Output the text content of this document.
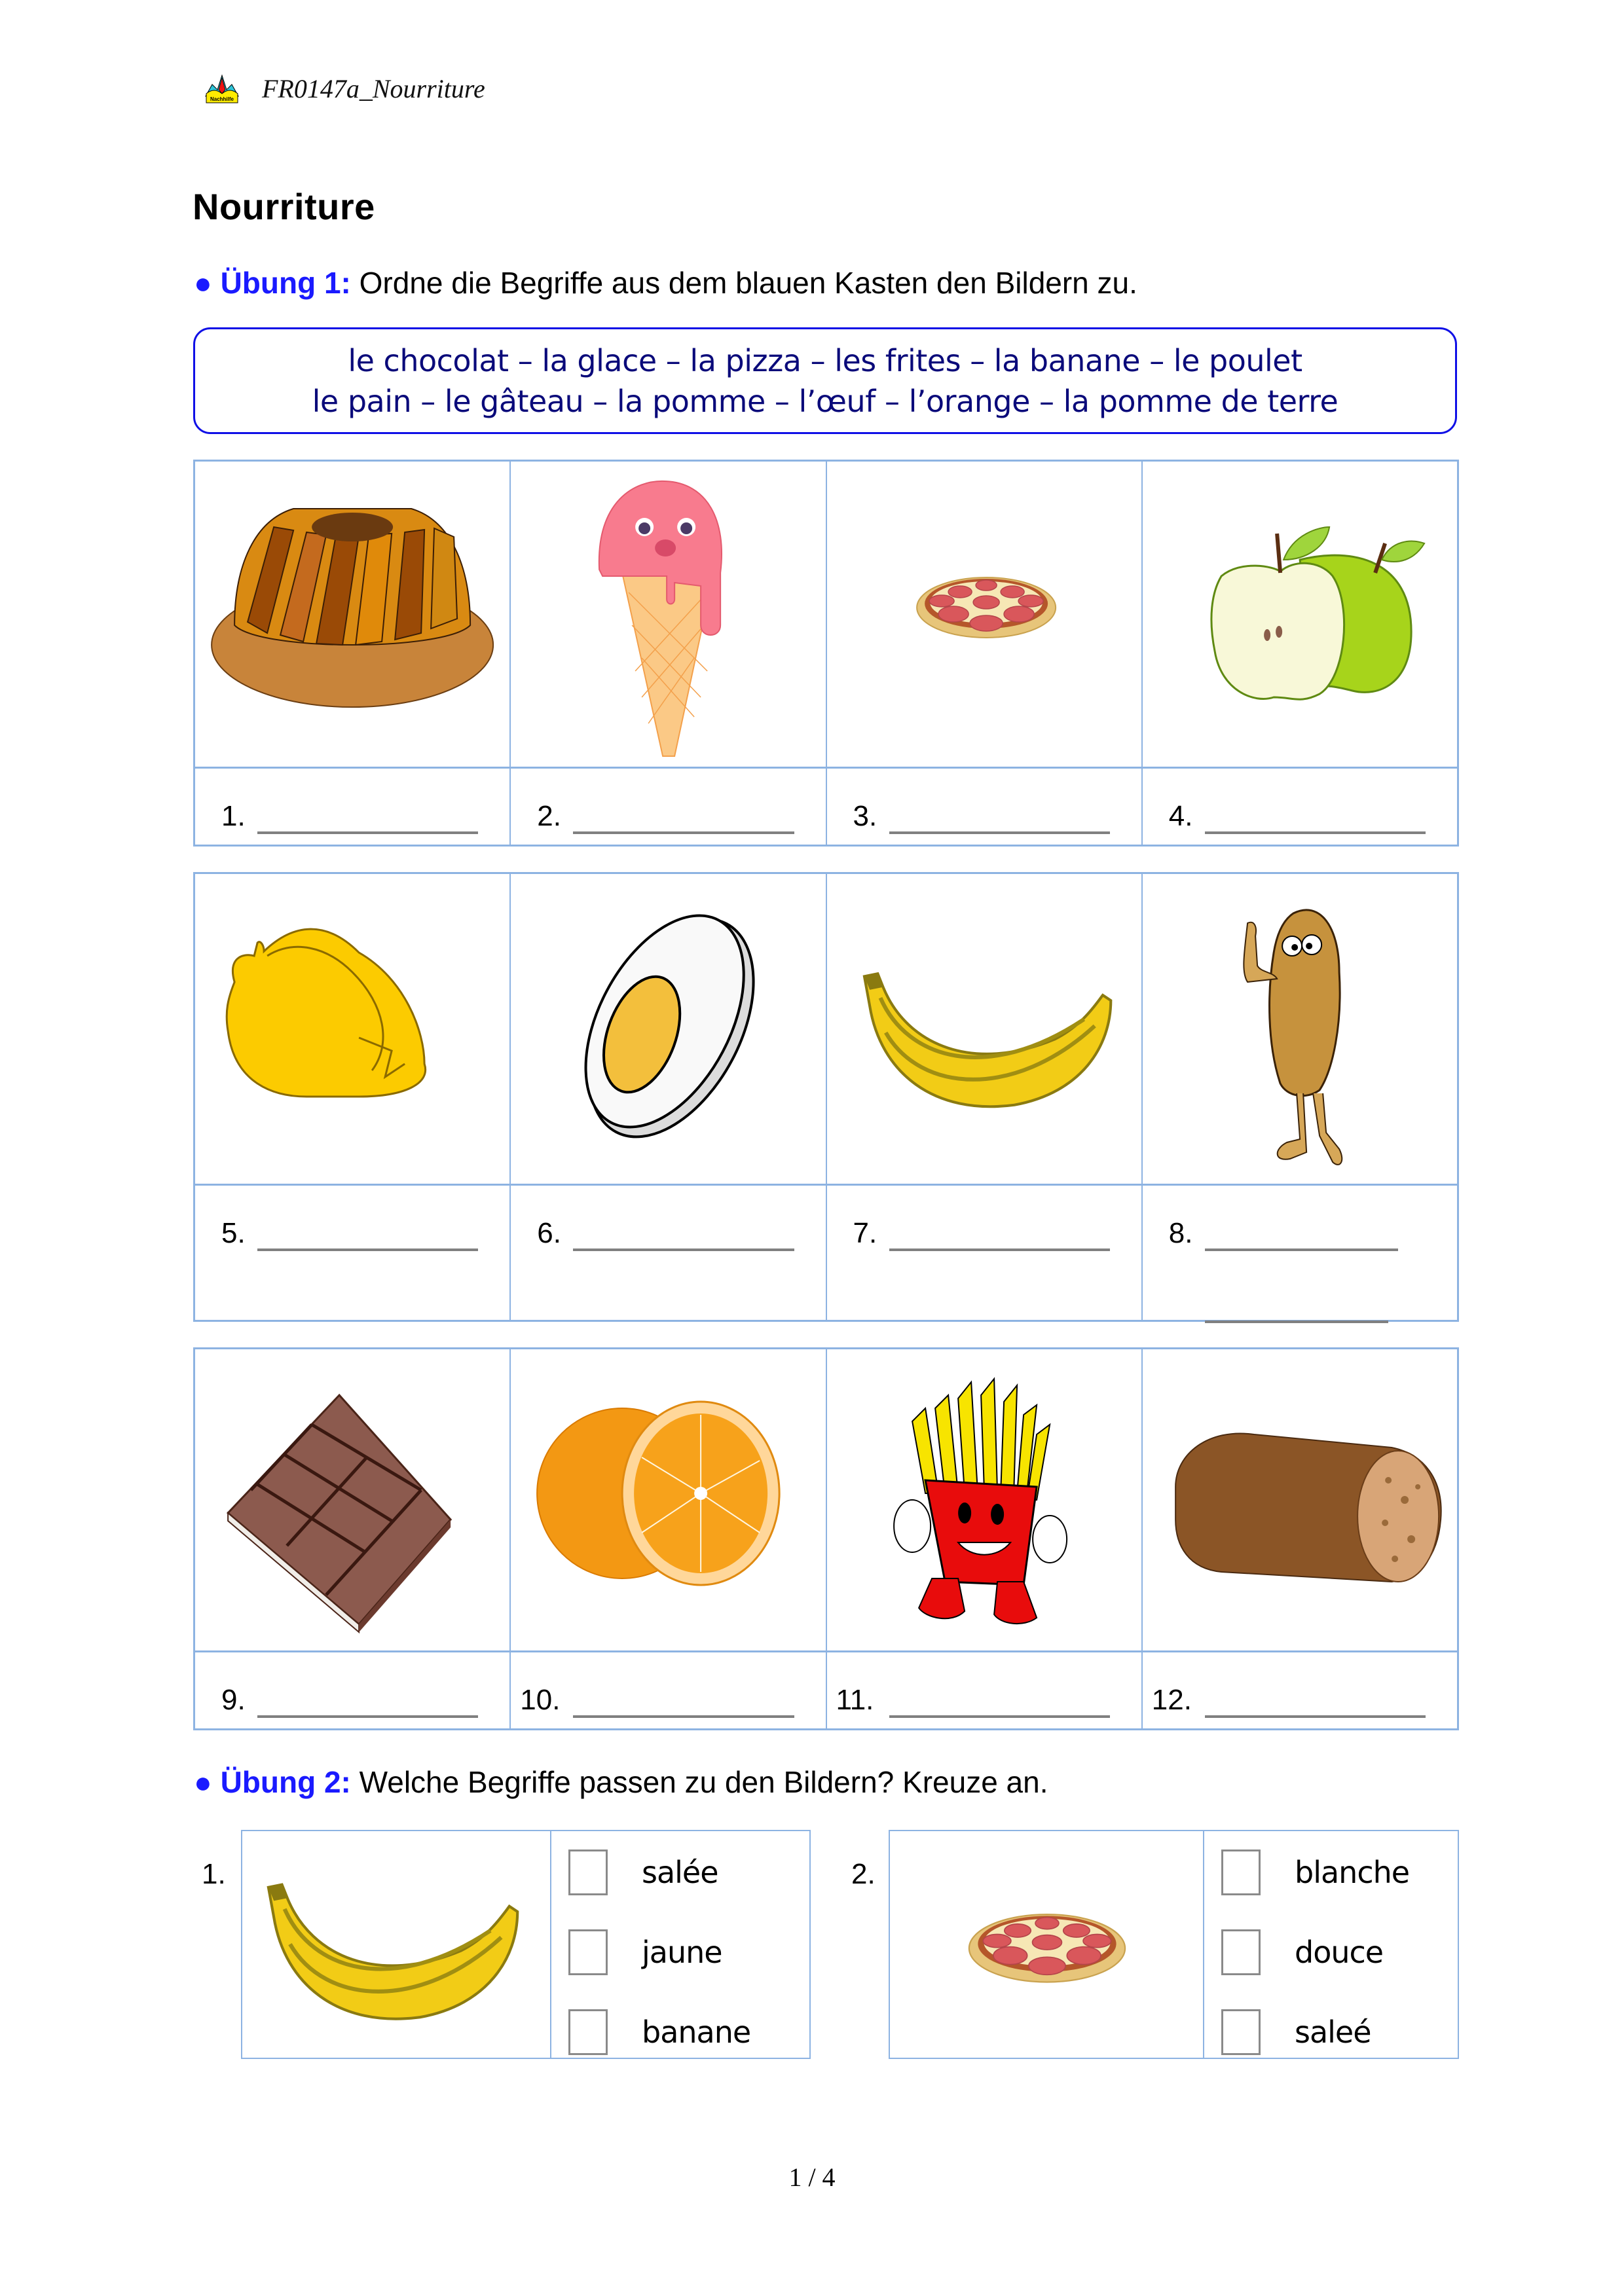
Nachhilfe FR0147a_Nourriture
Nourriture
● Übung 1: Ordne die Begriffe aus dem blauen Kasten den Bildern zu.
le chocolat – la glace – la pizza – les frites – la banane – le poulet
le pain – le gâteau – la pomme – l’œuf – l’orange – la pomme de terre
1.	2.	3.	4.
5.	6.	7.	8.
9.	10.	11.	12.
● Übung 2: Welche Begriffe passen zu den Bildern? Kreuze an.
1.	salée
jaune
banane
2.	blanche
douce
saleé
1 / 4
